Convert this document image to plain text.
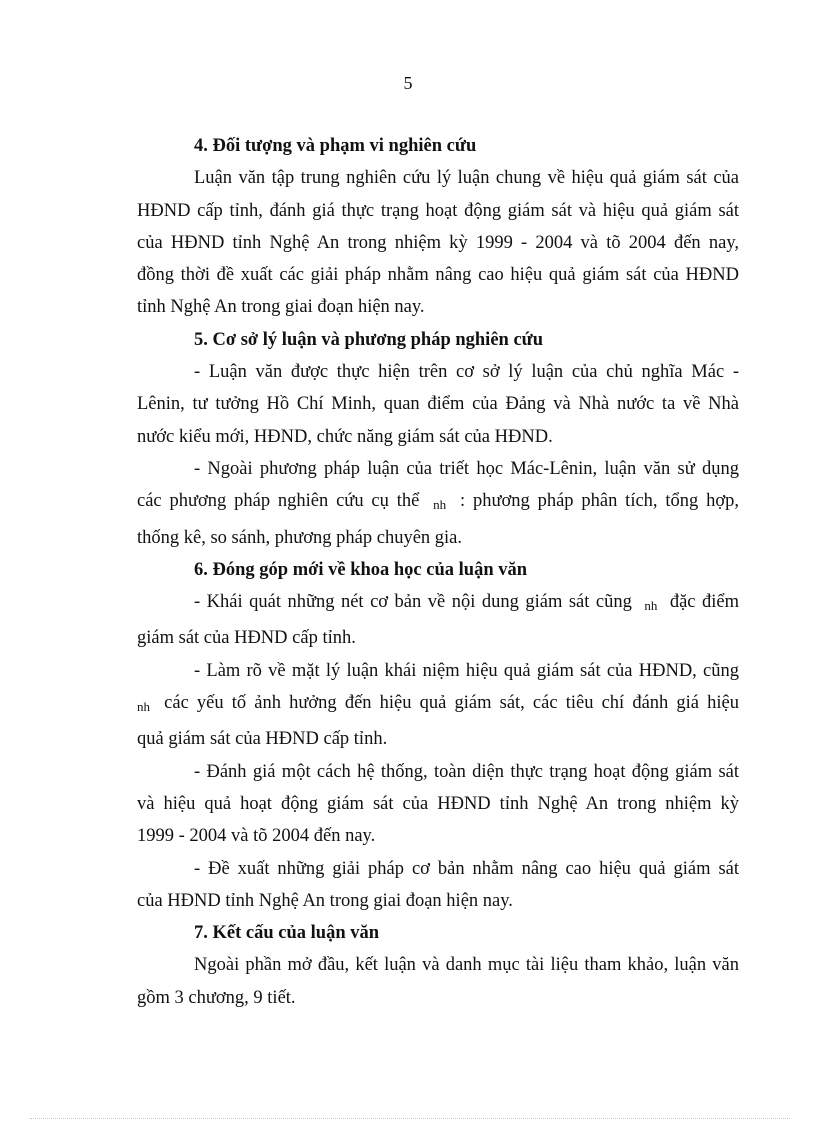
5
4. Đối tượng và phạm vi nghiên cứu
Luận văn tập trung nghiên cứu lý luận chung về hiệu quả giám sát của
HĐND cấp tỉnh, đánh giá thực trạng hoạt động giám sát và hiệu quả giám sát
của HĐND tỉnh Nghệ An trong nhiệm kỳ 1999 - 2004 và tõ 2004 đến nay,
đồng thời đề xuất các giải pháp nhằm nâng cao hiệu quả giám sát của HĐND
tỉnh Nghệ An trong giai đoạn hiện nay.
5. Cơ sở lý luận và phương pháp nghiên cứu
- Luận văn được thực hiện trên cơ sở lý luận của chủ nghĩa Mác -
Lênin, tư tưởng Hồ Chí Minh, quan điểm của Đảng và Nhà nước ta về Nhà
nước kiểu mới, HĐND, chức năng giám sát của HĐND.
- Ngoài phương pháp luận của triết học Mác-Lênin, luận văn sử dụng
các phương pháp nghiên cứu cụ thể nh : phương pháp phân tích, tổng hợp,
thống kê, so sánh, phương pháp chuyên gia.
6. Đóng góp mới về khoa học của luận văn
- Khái quát những nét cơ bản về nội dung giám sát cũng nh đặc điểm
giám sát của HĐND cấp tỉnh.
- Làm rõ về mặt lý luận khái niệm hiệu quả giám sát của HĐND, cũng
nh các yếu tố ảnh hưởng đến hiệu quả giám sát, các tiêu chí đánh giá hiệu
quả giám sát của HĐND cấp tỉnh.
- Đánh giá một cách hệ thống, toàn diện thực trạng hoạt động giám sát
và hiệu quả hoạt động giám sát của HĐND tỉnh Nghệ An trong nhiệm kỳ
1999 - 2004 và tõ 2004 đến nay.
- Đề xuất những giải pháp cơ bản nhằm nâng cao hiệu quả giám sát
của HĐND tỉnh Nghệ An trong giai đoạn hiện nay.
7. Kết cấu của luận văn
Ngoài phần mở đầu, kết luận và danh mục tài liệu tham khảo, luận văn
gồm 3 chương, 9 tiết.
